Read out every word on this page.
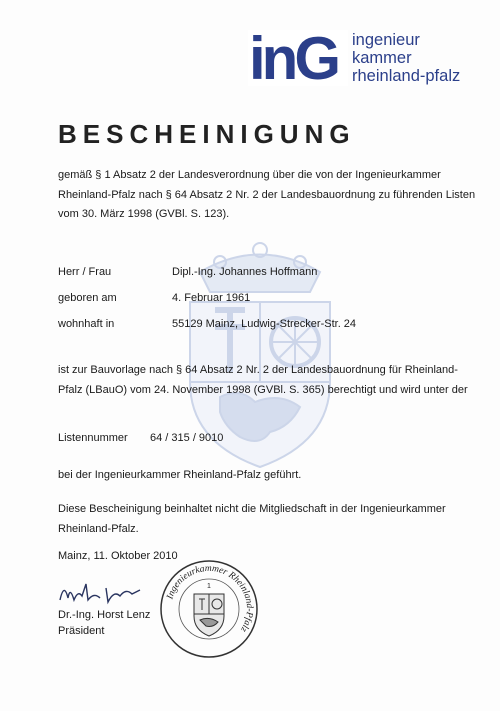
inG ingenieur
kammer
rheinland-pfalz
BESCHEINIGUNG
gemäß § 1 Absatz 2 der Landesverordnung über die von der Ingenieurkammer Rheinland-Pfalz nach § 64 Absatz 2 Nr. 2 der Landesbauordnung zu führenden Listen vom 30. März 1998 (GVBl. S. 123).
Herr / Frau	Dipl.-Ing. Johannes Hoffmann
geboren am	4. Februar 1961
wohnhaft in	55129 Mainz, Ludwig-Strecker-Str. 24
ist zur Bauvorlage nach § 64 Absatz 2 Nr. 2 der Landesbauordnung für Rheinland-Pfalz (LBauO) vom 24. November 1998 (GVBl. S. 365) berechtigt und wird unter der
Listennummer 64 / 315 / 9010
bei der Ingenieurkammer Rheinland-Pfalz geführt.
Diese Bescheinigung beinhaltet nicht die Mitgliedschaft in der Ingenieurkammer Rheinland-Pfalz.
Mainz, 11. Oktober 2010
Dr.-Ing. Horst Lenz
Präsident
Ingenieurkammer Rheinland-Pfalz
1
